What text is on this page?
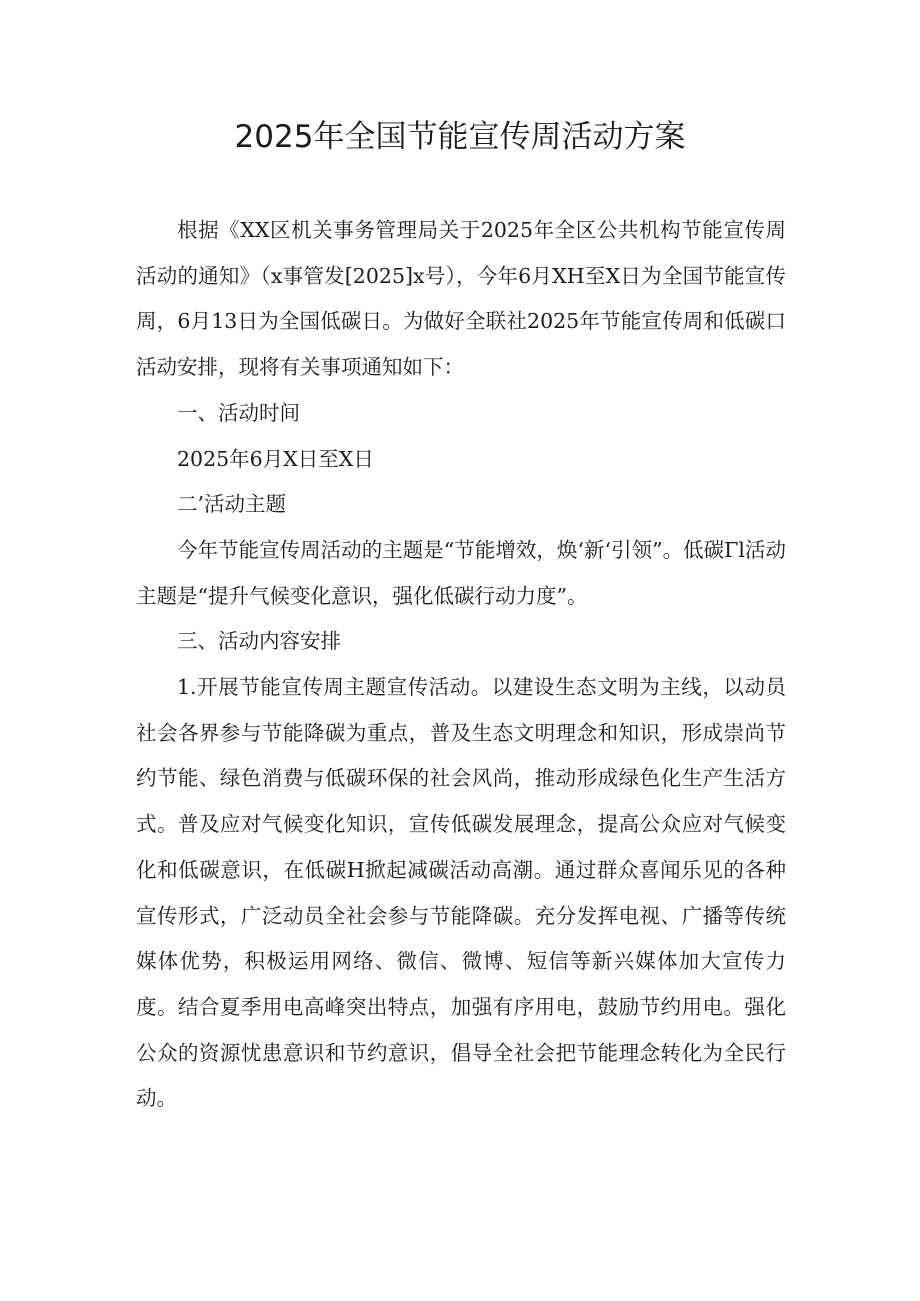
2025年全国节能宣传周活动方案

根据《XX区机关事务管理局关于2025年全区公共机构节能宣传周活动的通知》（x事管发[2025]x号），今年6月XH至X日为全国节能宣传周，6月13日为全国低碳日。为做好全联社2025年节能宣传周和低碳口活动安排，现将有关事项通知如下：

一、活动时间

2025年6月X日至X日

二’活动主题

今年节能宣传周活动的主题是“节能增效，焕‘新‘引领”。低碳Γl活动主题是“提升气候变化意识，强化低碳行动力度”。

三、活动内容安排

1.开展节能宣传周主题宣传活动。以建设生态文明为主线，以动员社会各界参与节能降碳为重点，普及生态文明理念和知识，形成崇尚节约节能、绿色消费与低碳环保的社会风尚，推动形成绿色化生产生活方式。普及应对气候变化知识，宣传低碳发展理念，提高公众应对气候变化和低碳意识，在低碳H掀起减碳活动高潮。通过群众喜闻乐见的各种宣传形式，广泛动员全社会参与节能降碳。充分发挥电视、广播等传统媒体优势，积极运用网络、微信、微博、短信等新兴媒体加大宣传力度。结合夏季用电高峰突出特点，加强有序用电，鼓励节约用电。强化公众的资源忧患意识和节约意识，倡导全社会把节能理念转化为全民行动。
